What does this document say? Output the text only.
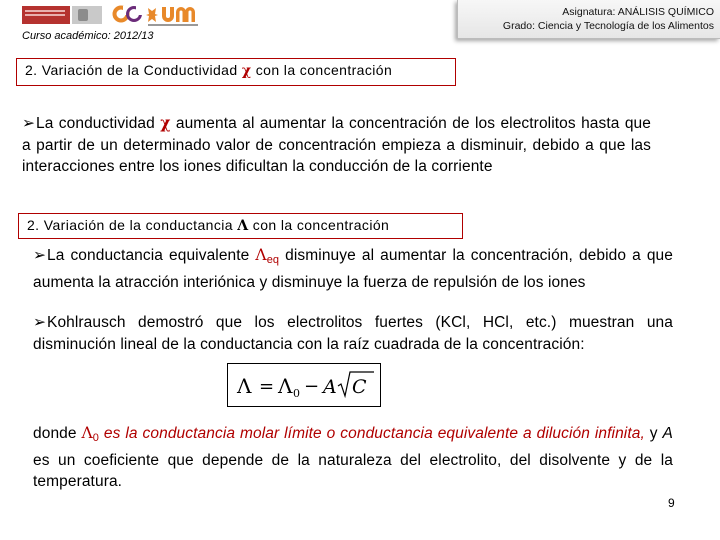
Curso académico: 2012/13
Asignatura: ANÁLISIS QUÍMICO
Grado: Ciencia y Tecnología de los Alimentos
2. Variación de la Conductividad χ con la concentración
➢La conductividad χ aumenta al aumentar la concentración de los electrolitos hasta que a partir de un determinado valor de concentración empieza a disminuir, debido a que las interacciones entre los iones dificultan la conducción de la corriente
2. Variación de la conductancia Λ con la concentración
➢La conductancia equivalente $\Lambda_{eq}$ disminuye al aumentar la concentración, debido a que aumenta la atracción interiónica y disminuye la fuerza de repulsión de los iones
➢Kohlrausch demostró que los electrolitos fuertes (KCl, HCl, etc.) muestran una disminución lineal de la conductancia con la raíz cuadrada de la concentración:
Λ = Λ 0 − A C
donde $\Lambda_0$ es la conductancia molar límite o conductancia equivalente a dilución infinita, y A es un coeficiente que depende de la naturaleza del electrolito, del disolvente y de la temperatura.
9
